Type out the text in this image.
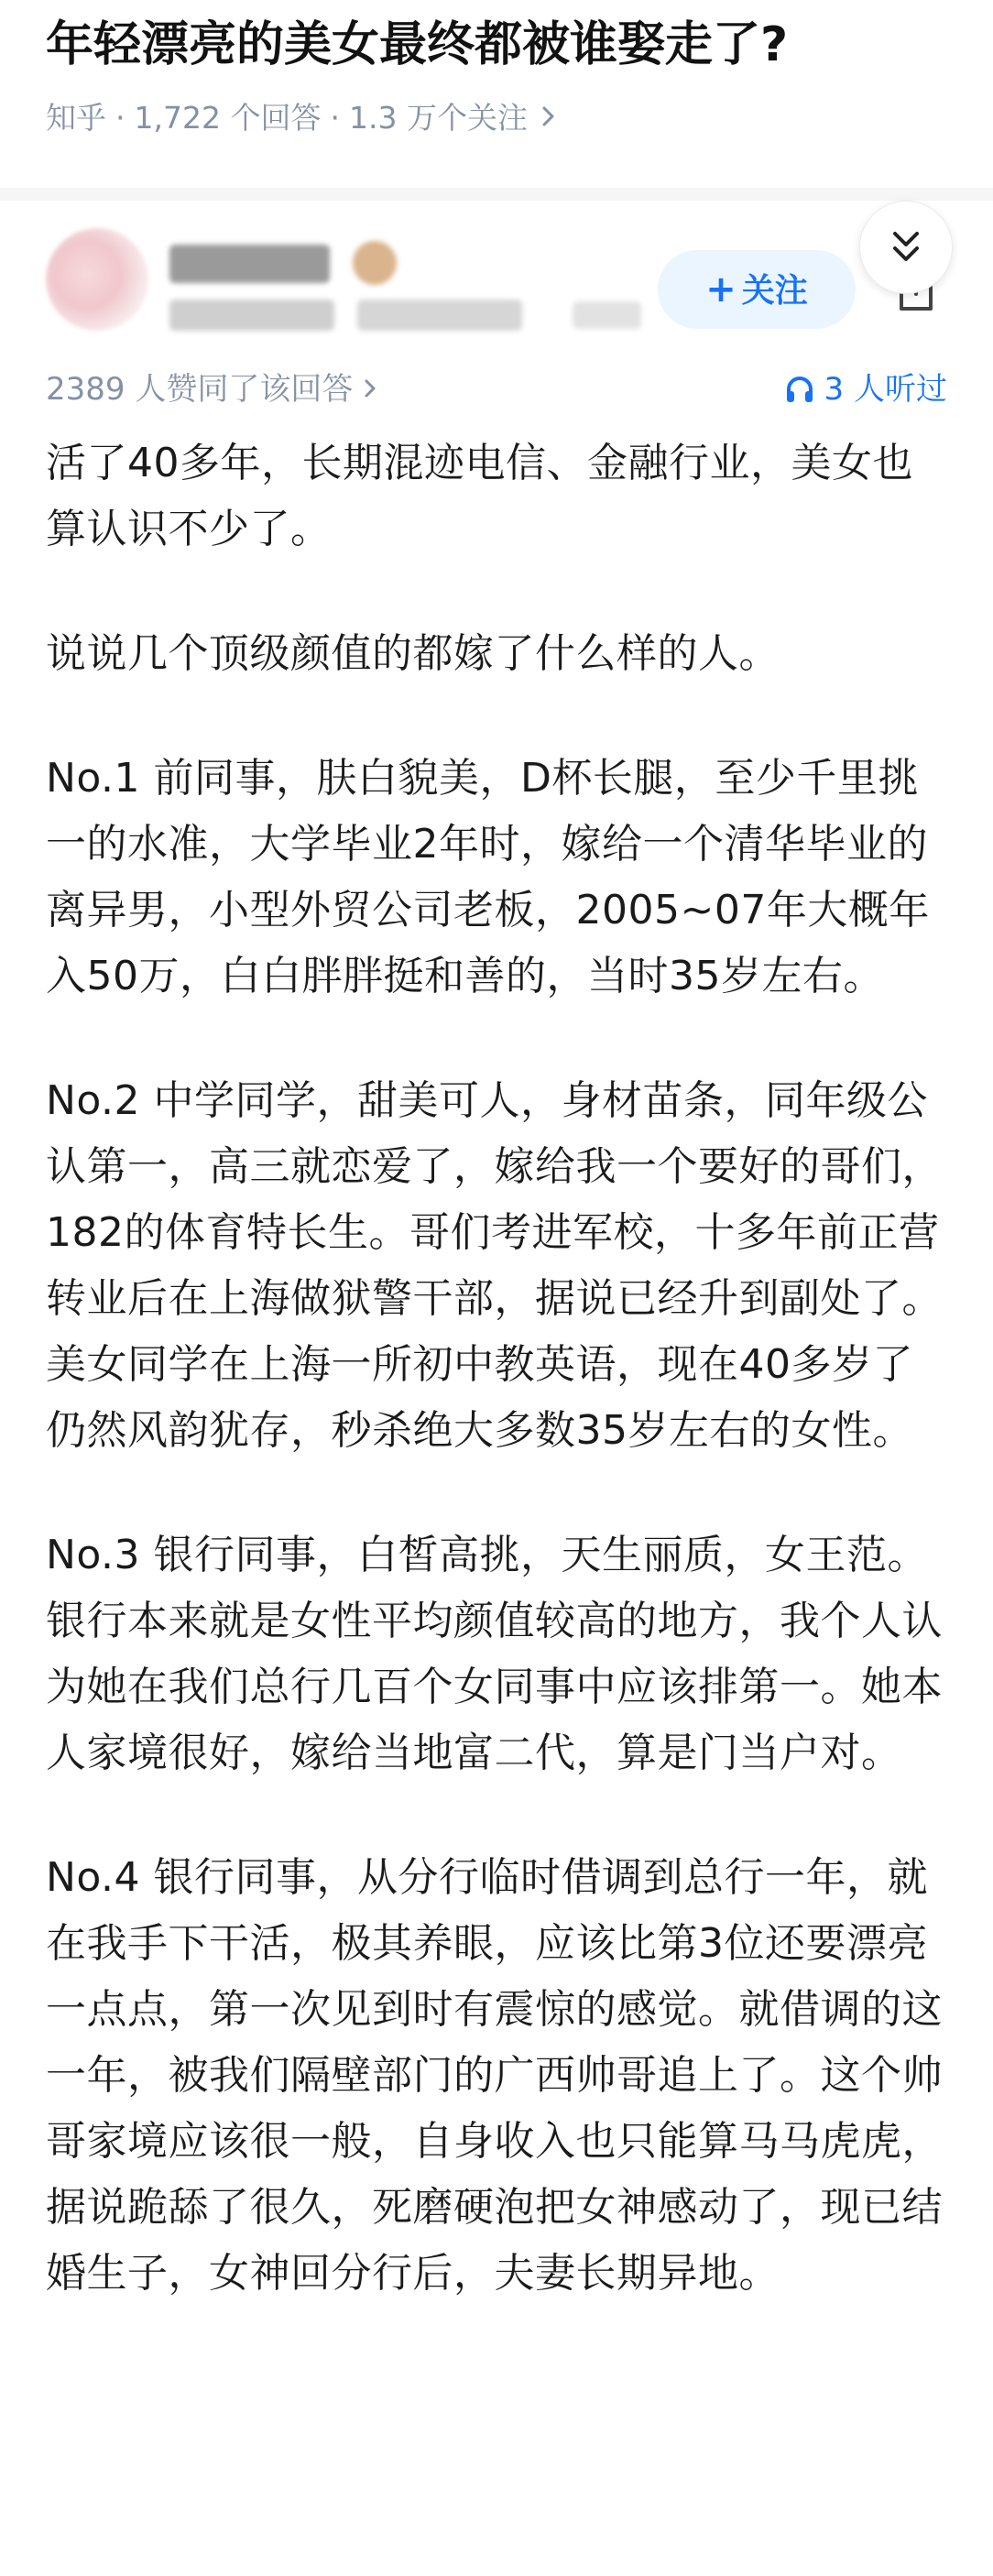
年轻漂亮的美女最终都被谁娶走了?
知乎 · 1,722 个回答 · 1.3 万个关注
+ 关注
2389 人赞同了该回答	3 人听过

活了40多年，长期混迹电信、金融行业，美女也算认识不少了。

说说几个顶级颜值的都嫁了什么样的人。

No.1 前同事，肤白貌美，D杯长腿，至少千里挑一的水准，大学毕业2年时，嫁给一个清华毕业的离异男，小型外贸公司老板，2005~07年大概年入50万，白白胖胖挺和善的，当时35岁左右。

No.2 中学同学，甜美可人，身材苗条，同年级公认第一，高三就恋爱了，嫁给我一个要好的哥们，182的体育特长生。哥们考进军校，十多年前正营转业后在上海做狱警干部，据说已经升到副处了。美女同学在上海一所初中教英语，现在40多岁了仍然风韵犹存，秒杀绝大多数35岁左右的女性。

No.3 银行同事，白皙高挑，天生丽质，女王范。银行本来就是女性平均颜值较高的地方，我个人认为她在我们总行几百个女同事中应该排第一。她本人家境很好，嫁给当地富二代，算是门当户对。

No.4 银行同事，从分行临时借调到总行一年，就在我手下干活，极其养眼，应该比第3位还要漂亮一点点，第一次见到时有震惊的感觉。就借调的这一年，被我们隔壁部门的广西帅哥追上了。这个帅哥家境应该很一般，自身收入也只能算马马虎虎，据说跪舔了很久，死磨硬泡把女神感动了，现已结婚生子，女神回分行后，夫妻长期异地。
